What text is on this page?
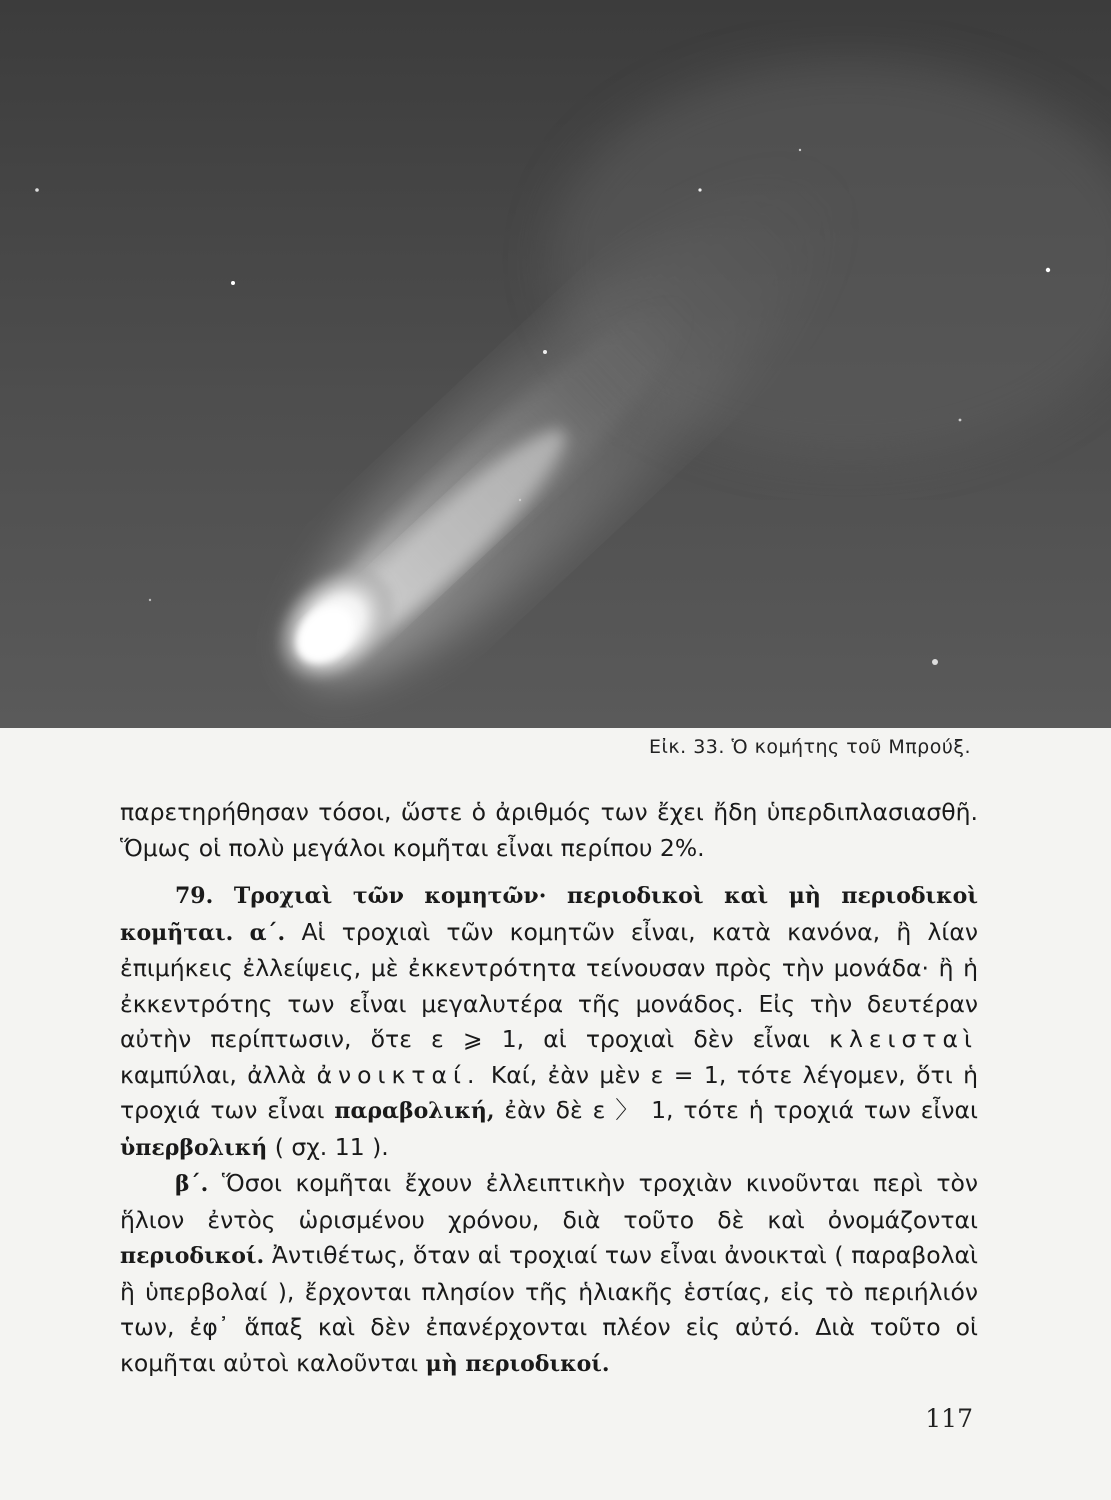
Εἰκ. 33. Ὁ κομήτης τοῦ Μπρούξ.

παρετηρήθησαν τόσοι, ὥστε ὁ ἀριθμός των ἔχει ἤδη ὑπερδιπλασιασθῆ. Ὅμως οἱ πολὺ μεγάλοι κομῆται εἶναι περίπου 2%.

79. Τροχιαὶ τῶν κομητῶν· περιοδικοὶ καὶ μὴ περιοδικοὶ κομῆται. α΄. Αἱ τροχιαὶ τῶν κομητῶν εἶναι, κατὰ κανόνα, ἢ λίαν ἐπιμήκεις ἐλλείψεις, μὲ ἐκκεντρότητα τείνουσαν πρὸς τὴν μονάδα· ἢ ἡ ἐκκεντρότης των εἶναι μεγαλυτέρα τῆς μονάδος. Εἰς τὴν δευτέραν αὐτὴν περίπτωσιν, ὅτε ε ⩾ 1, αἱ τροχιαὶ δὲν εἶναι κλεισταὶ καμπύλαι, ἀλλὰ ἀνοικταί. Καί, ἐὰν μὲν ε = 1, τότε λέγομεν, ὅτι ἡ τροχιά των εἶναι παραβολική, ἐὰν δὲ ε 〉 1, τότε ἡ τροχιά των εἶναι ὑπερβολική ( σχ. 11 ).

β΄. Ὅσοι κομῆται ἔχουν ἐλλειπτικὴν τροχιὰν κινοῦνται περὶ τὸν ἥλιον ἐντὸς ὡρισμένου χρόνου, διὰ τοῦτο δὲ καὶ ὀνομάζονται περιοδικοί. Ἀντιθέτως, ὅταν αἱ τροχιαί των εἶναι ἀνοικταὶ ( παραβολαὶ ἢ ὑπερβολαί ), ἔρχονται πλησίον τῆς ἡλιακῆς ἑστίας, εἰς τὸ περιήλιόν των, ἐφ᾿ ἅπαξ καὶ δὲν ἐπανέρχονται πλέον εἰς αὐτό. Διὰ τοῦτο οἱ κομῆται αὐτοὶ καλοῦνται μὴ περιοδικοί.

117
